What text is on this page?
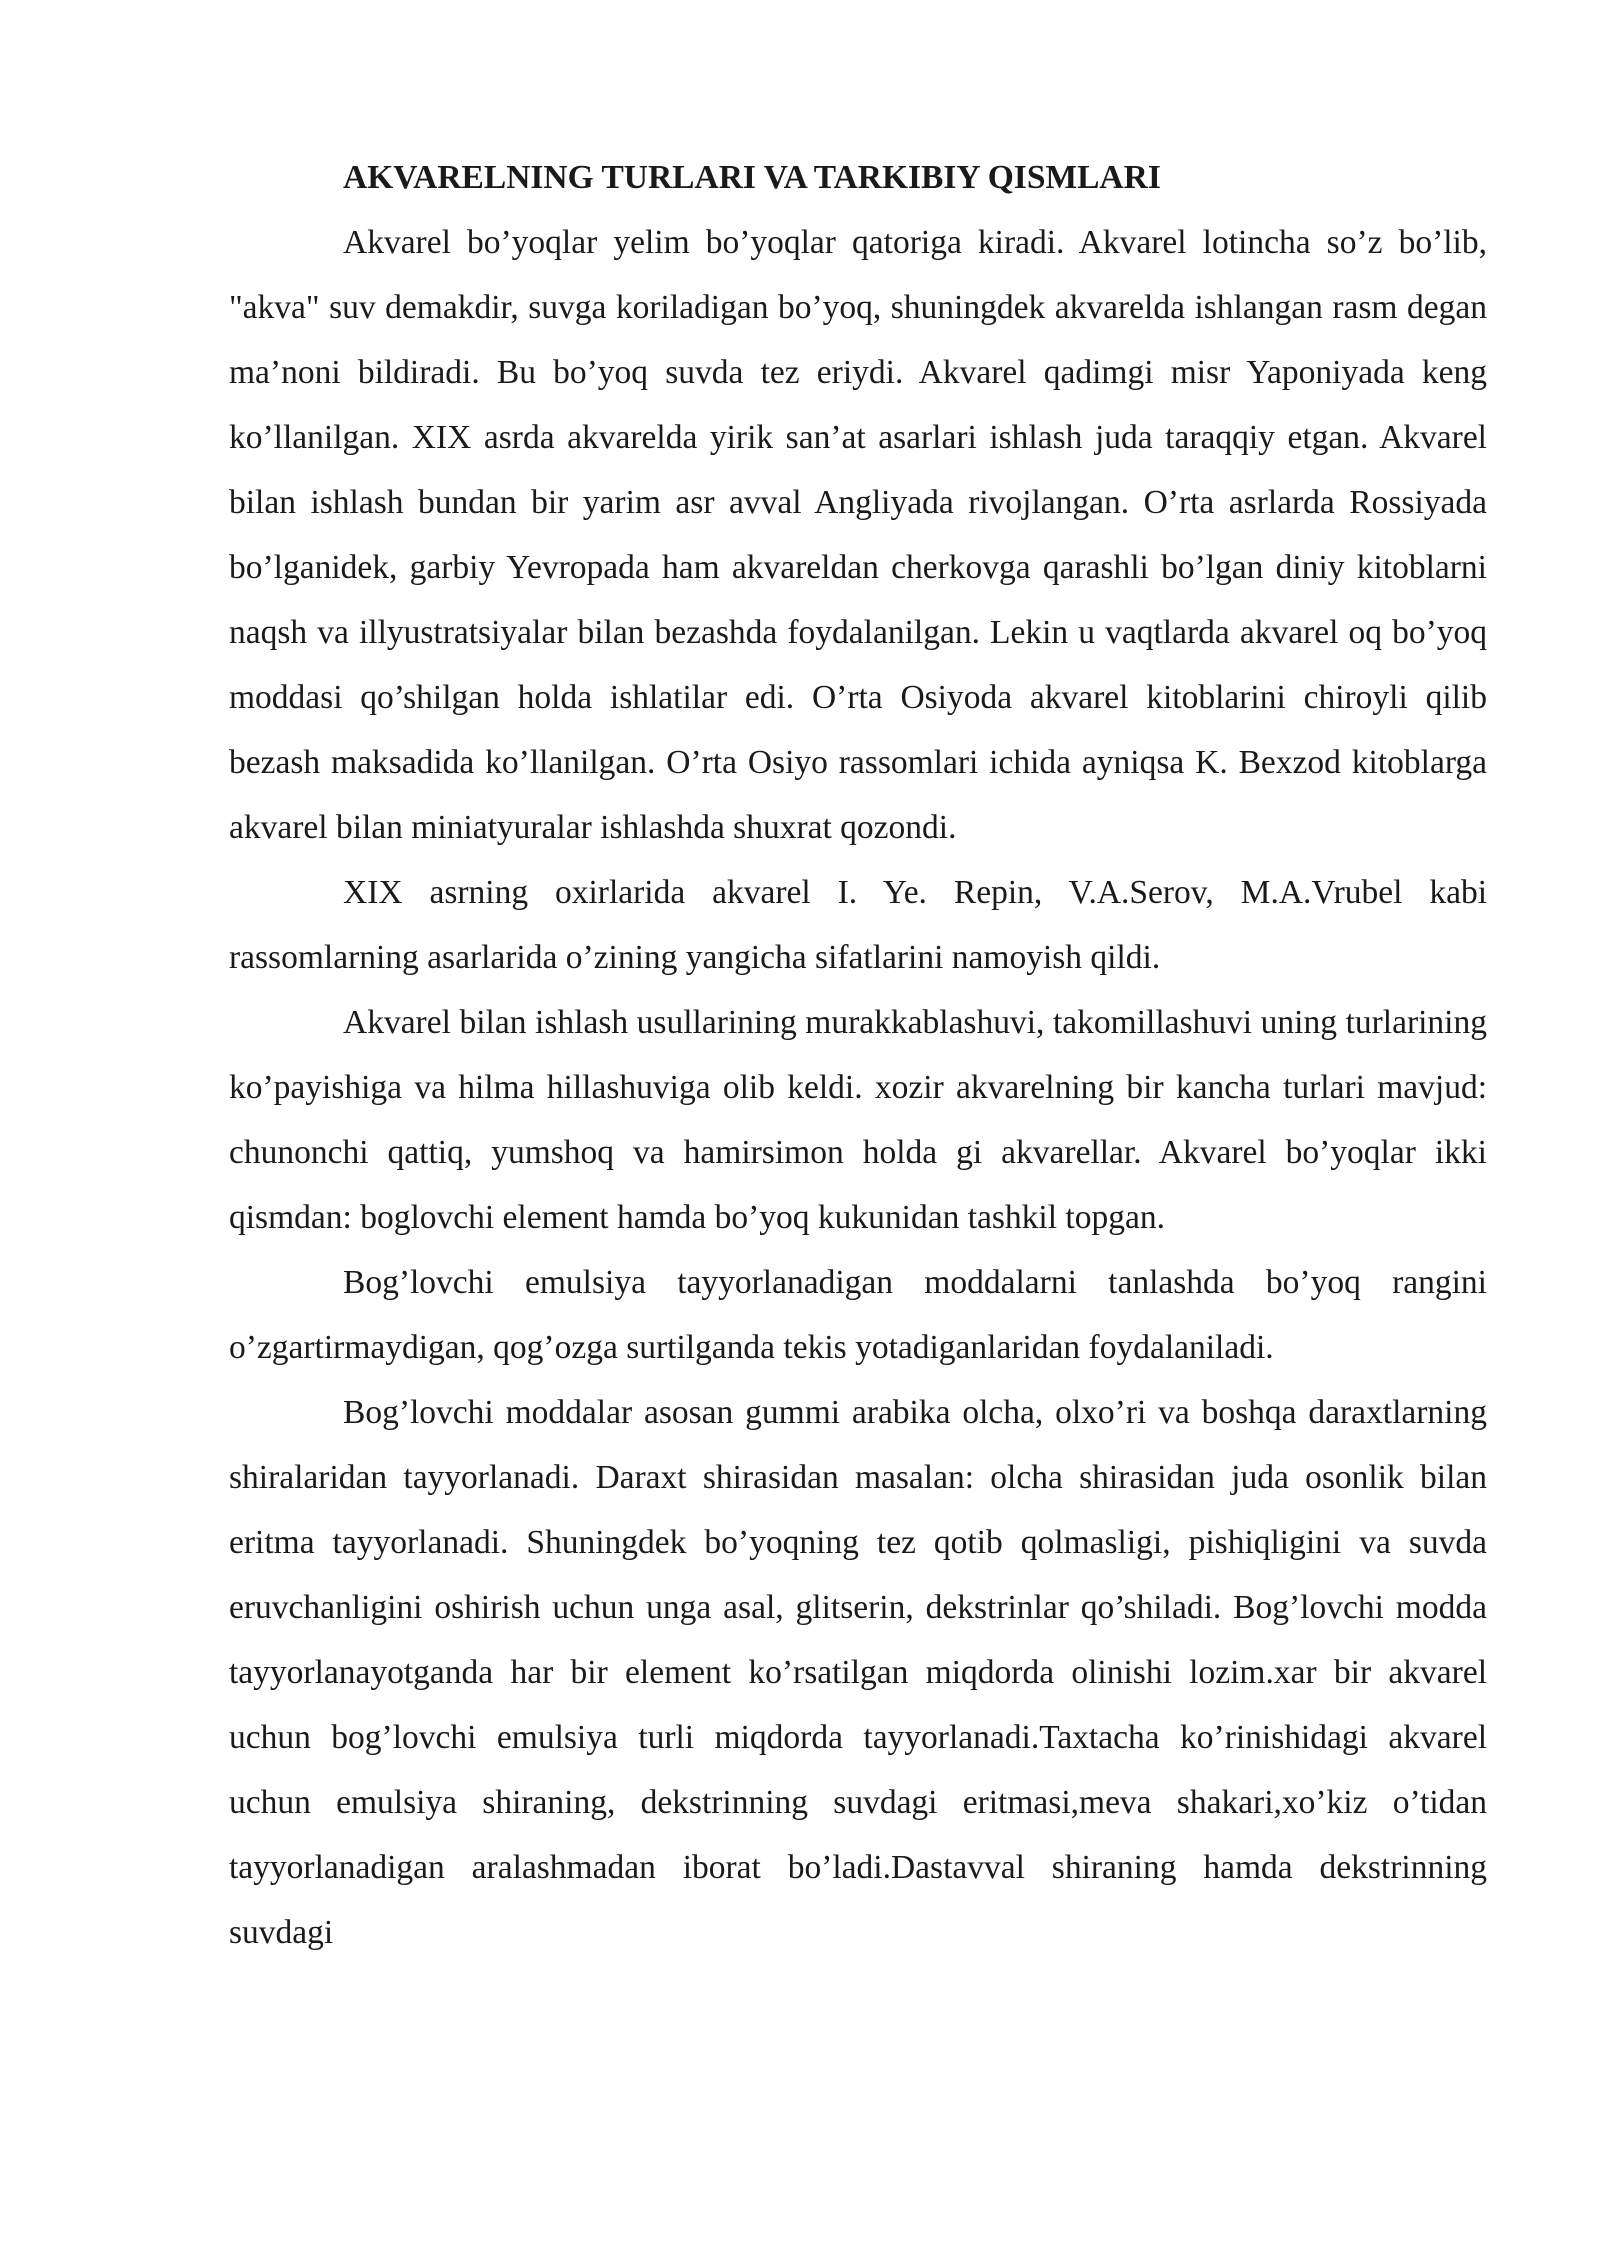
AKVARELNING TURLARI VA TARKIBIY QISMLARI

Akvarel bo’yoqlar yelim bo’yoqlar qatoriga kiradi. Akvarel lotincha so’z bo’lib, "akva" suv demakdir, suvga koriladigan bo’yoq, shuningdek akvarelda ishlangan rasm degan ma’noni bildiradi. Bu bo’yoq suvda tez eriydi. Akvarel qadimgi misr Yaponiyada keng ko’llanilgan. XIX asrda akvarelda yirik san’at asarlari ishlash juda taraqqiy etgan. Akvarel bilan ishlash bundan bir yarim asr avval Angliyada rivojlangan. O’rta asrlarda Rossiyada bo’lganidek, garbiy Yevropada ham akvareldan cherkovga qarashli bo’lgan diniy kitoblarni naqsh va illyustratsiyalar bilan bezashda foydalanilgan. Lekin u vaqtlarda akvarel oq bo’yoq moddasi qo’shilgan holda ishlatilar edi. O’rta Osiyoda akvarel kitoblarini chiroyli qilib bezash maksadida ko’llanilgan. O’rta Osiyo rassomlari ichida ayniqsa K. Bexzod kitoblarga akvarel bilan miniatyuralar ishlashda shuxrat qozondi.

XIX asrning oxirlarida akvarel I. Ye. Repin, V.A.Serov, M.A.Vrubel kabi rassomlarning asarlarida o’zining yangicha sifatlarini namoyish qildi.

Akvarel bilan ishlash usullarining murakkablashuvi, takomillashuvi uning turlarining ko’payishiga va hilma hillashuviga olib keldi. xozir akvarelning bir kancha turlari mavjud: chunonchi qattiq, yumshoq va hamirsimon holda gi akvarellar. Akvarel bo’yoqlar ikki qismdan: boglovchi element hamda bo’yoq kukunidan tashkil topgan.

Bog’lovchi emulsiya tayyorlanadigan moddalarni tanlashda bo’yoq rangini o’zgartirmaydigan, qog’ozga surtilganda tekis yotadiganlaridan foydalaniladi.

Bog’lovchi moddalar asosan gummi arabika olcha, olxo’ri va boshqa daraxtlarning shiralaridan tayyorlanadi. Daraxt shirasidan masalan: olcha shirasidan juda osonlik bilan eritma tayyorlanadi. Shuningdek bo’yoqning tez qotib qolmasligi, pishiqligini va suvda eruvchanligini oshirish uchun unga asal, glitserin, dekstrinlar qo’shiladi. Bog’lovchi modda tayyorlanayotganda har bir element ko’rsatilgan miqdorda olinishi lozim.xar bir akvarel uchun bog’lovchi emulsiya turli miqdorda tayyorlanadi.Taxtacha ko’rinishidagi akvarel uchun emulsiya shiraning, dekstrinning suvdagi eritmasi,meva shakari,xo’kiz o’tidan tayyorlanadigan aralashmadan iborat bo’ladi.Dastavval shiraning hamda dekstrinning suvdagi
